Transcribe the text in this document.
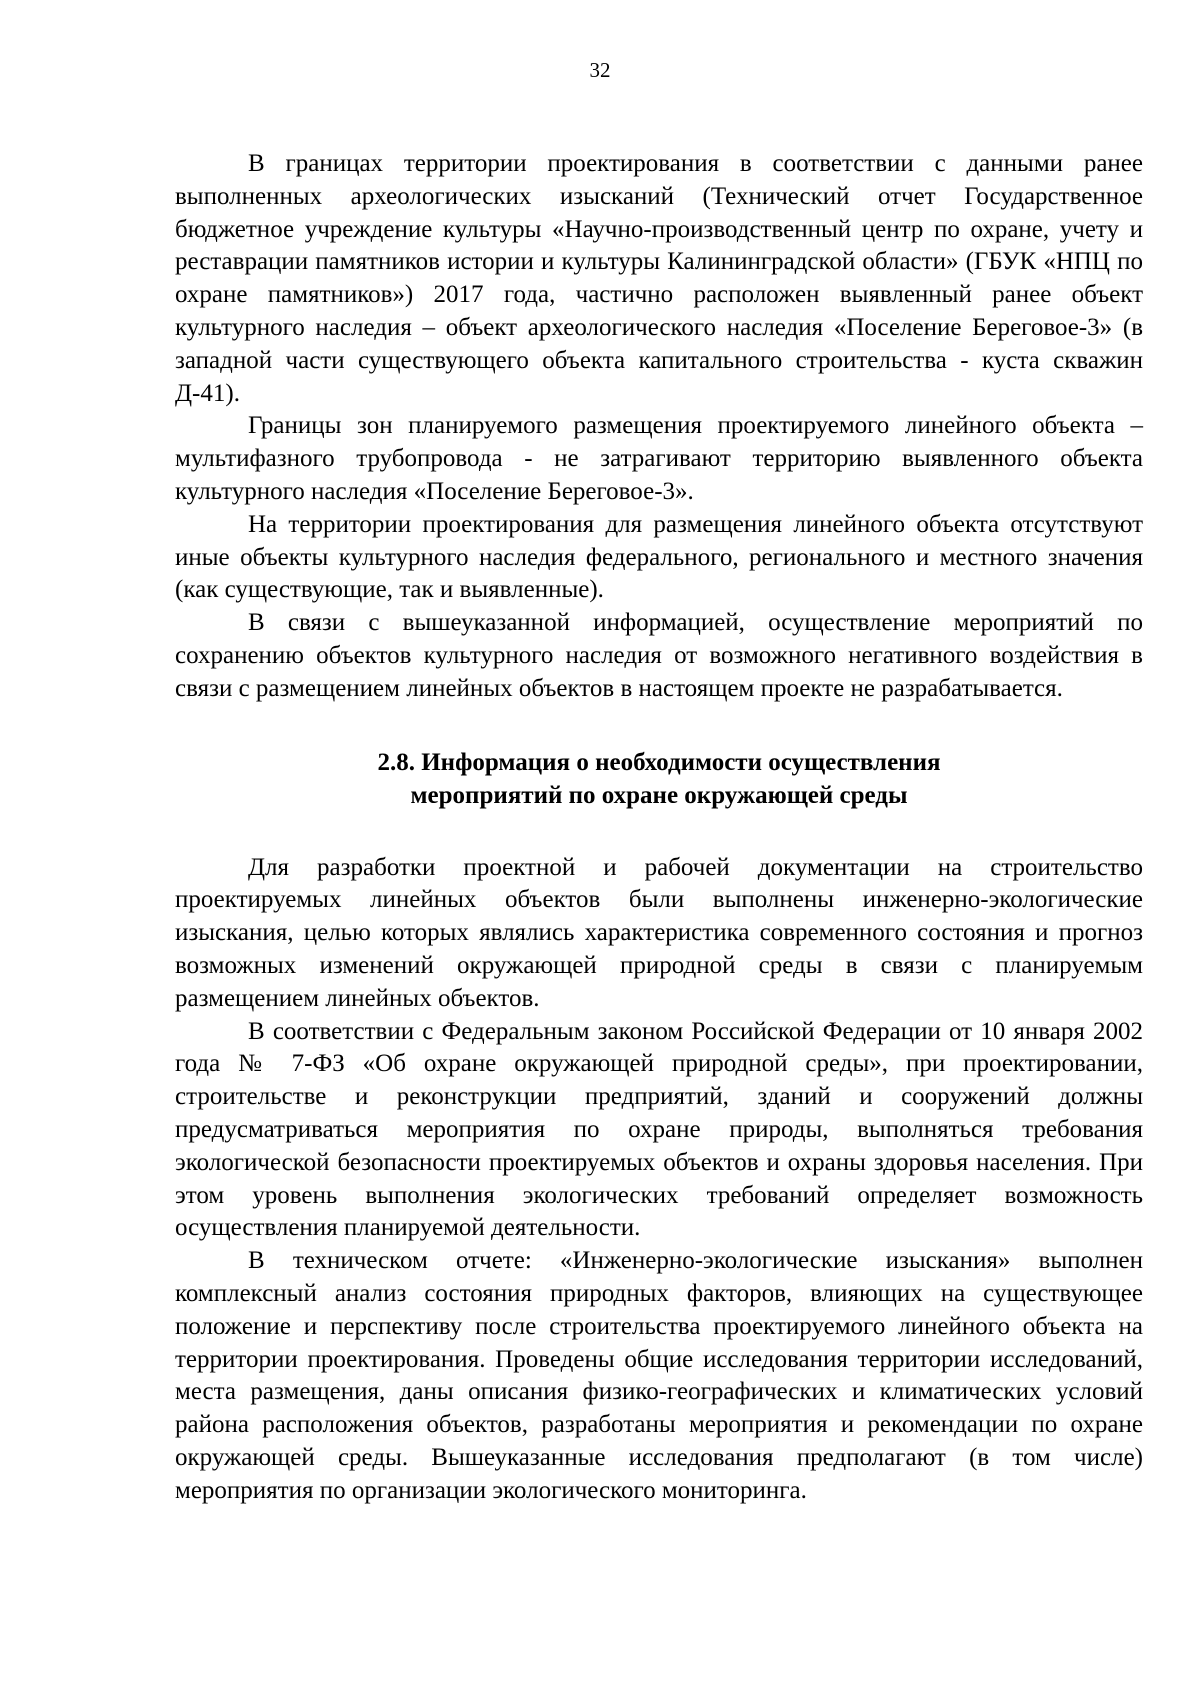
32

В границах территории проектирования в соответствии с данными ранее выполненных археологических изысканий (Технический отчет Государственное бюджетное учреждение культуры «Научно-производственный центр по охране, учету и реставрации памятников истории и культуры Калининградской области» (ГБУК «НПЦ по охране памятников») 2017 года, частично расположен выявленный ранее объект культурного наследия – объект археологического наследия «Поселение Береговое-3» (в западной части существующего объекта капитального строительства - куста скважин Д-41).

Границы зон планируемого размещения проектируемого линейного объекта – мультифазного трубопровода - не затрагивают территорию выявленного объекта культурного наследия «Поселение Береговое-3».

На территории проектирования для размещения линейного объекта отсутствуют иные объекты культурного наследия федерального, регионального и местного значения (как существующие, так и выявленные).

В связи с вышеуказанной информацией, осуществление мероприятий по сохранению объектов культурного наследия от возможного негативного воздействия в связи с размещением линейных объектов в настоящем проекте не разрабатывается.

2.8. Информация о необходимости осуществления
мероприятий по охране окружающей среды

Для разработки проектной и рабочей документации на строительство проектируемых линейных объектов были выполнены инженерно-экологические изыскания, целью которых являлись характеристика современного состояния и прогноз возможных изменений окружающей природной среды в связи с планируемым размещением линейных объектов.

В соответствии с Федеральным законом Российской Федерации от 10 января 2002 года № 7-ФЗ «Об охране окружающей природной среды», при проектировании, строительстве и реконструкции предприятий, зданий и сооружений должны предусматриваться мероприятия по охране природы, выполняться требования экологической безопасности проектируемых объектов и охраны здоровья населения. При этом уровень выполнения экологических требований определяет возможность осуществления планируемой деятельности.

В техническом отчете: «Инженерно-экологические изыскания» выполнен комплексный анализ состояния природных факторов, влияющих на существующее положение и перспективу после строительства проектируемого линейного объекта на территории проектирования. Проведены общие исследования территории исследований, места размещения, даны описания физико-географических и климатических условий района расположения объектов, разработаны мероприятия и рекомендации по охране окружающей среды. Вышеуказанные исследования предполагают (в том числе) мероприятия по организации экологического мониторинга.
